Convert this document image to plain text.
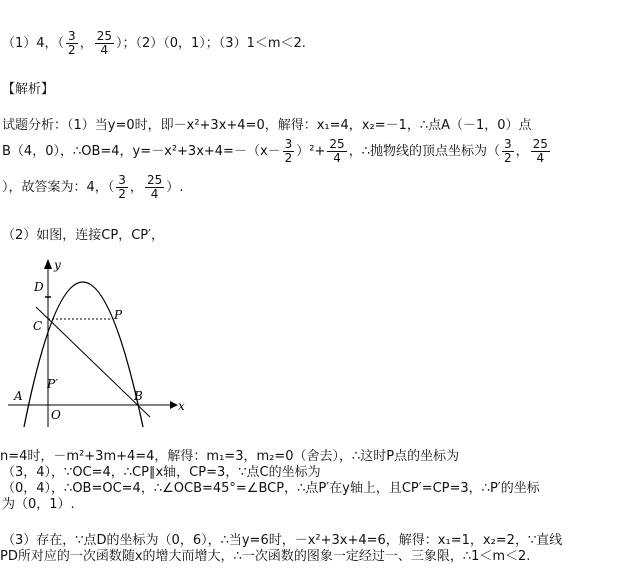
（1）4，（ $\frac{3}{2}$ ， $\frac{25}{4}$ ）；（2）（0，1）；（3）1＜m＜2.
【解析】
试题分析：（1）当y=0时，即－x²+3x+4=0，解得：x₁=4，x₂=－1，∴点A（－1，0）点
B（4，0），∴OB=4，$y=-x^2+3x+4=-(x- \frac{3}{2} )^2+ \frac{25}{4}$ ，∴抛物线的顶点坐标为（ $\frac{3}{2}$ ， $\frac{25}{4}$
），故答案为：4，（ $\frac{3}{2}$ ， $\frac{25}{4}$ ）.
（2）如图，连接CP，CP′，
y
x
D
C
P
P′
A	B
O
n=4时，－m²+3m+4=4，解得：m₁=3，m₂=0（舍去），∴这时P点的坐标为
（3，4），∵OC=4，∴CP∥x轴，CP=3，∵点C的坐标为
（0，4），∴OB=OC=4，∴∠OCB=45°=∠BCP，∴点P′在y轴上，且CP′=CP=3，∴P′的坐标
为（0，1）.
（3）存在，∵点D的坐标为（0，6），∴当y=6时，－x²+3x+4=6，解得：x₁=1，x₂=2，∵直线
PD所对应的一次函数随x的增大而增大，∴一次函数的图象一定经过一、三象限，∴1＜m＜2.
